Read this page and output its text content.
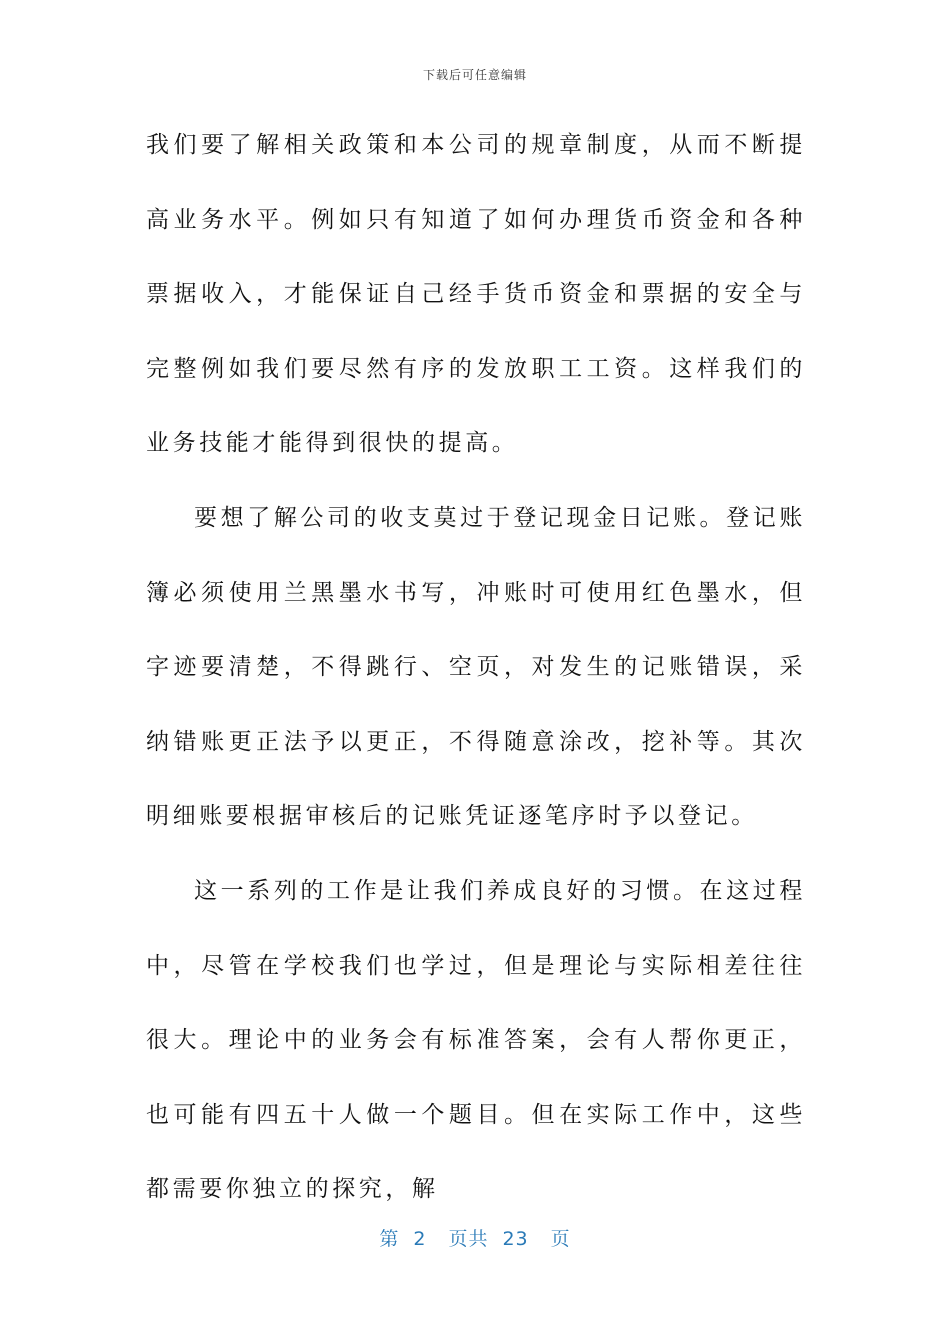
下载后可任意编辑

我们要了解相关政策和本公司的规章制度，从而不断提高业务水平。例如只有知道了如何办理货币资金和各种票据收入，才能保证自己经手货币资金和票据的安全与完整例如我们要尽然有序的发放职工工资。这样我们的业务技能才能得到很快的提高。

要想了解公司的收支莫过于登记现金日记账。登记账簿必须使用兰黑墨水书写，冲账时可使用红色墨水，但字迹要清楚，不得跳行、空页，对发生的记账错误，采纳错账更正法予以更正，不得随意涂改，挖补等。其次明细账要根据审核后的记账凭证逐笔序时予以登记。

这一系列的工作是让我们养成良好的习惯。在这过程中，尽管在学校我们也学过，但是理论与实际相差往往很大。理论中的业务会有标准答案，会有人帮你更正，也可能有四五十人做一个题目。但在实际工作中，这些都需要你独立的探究，解

第 2 页共 23 页
